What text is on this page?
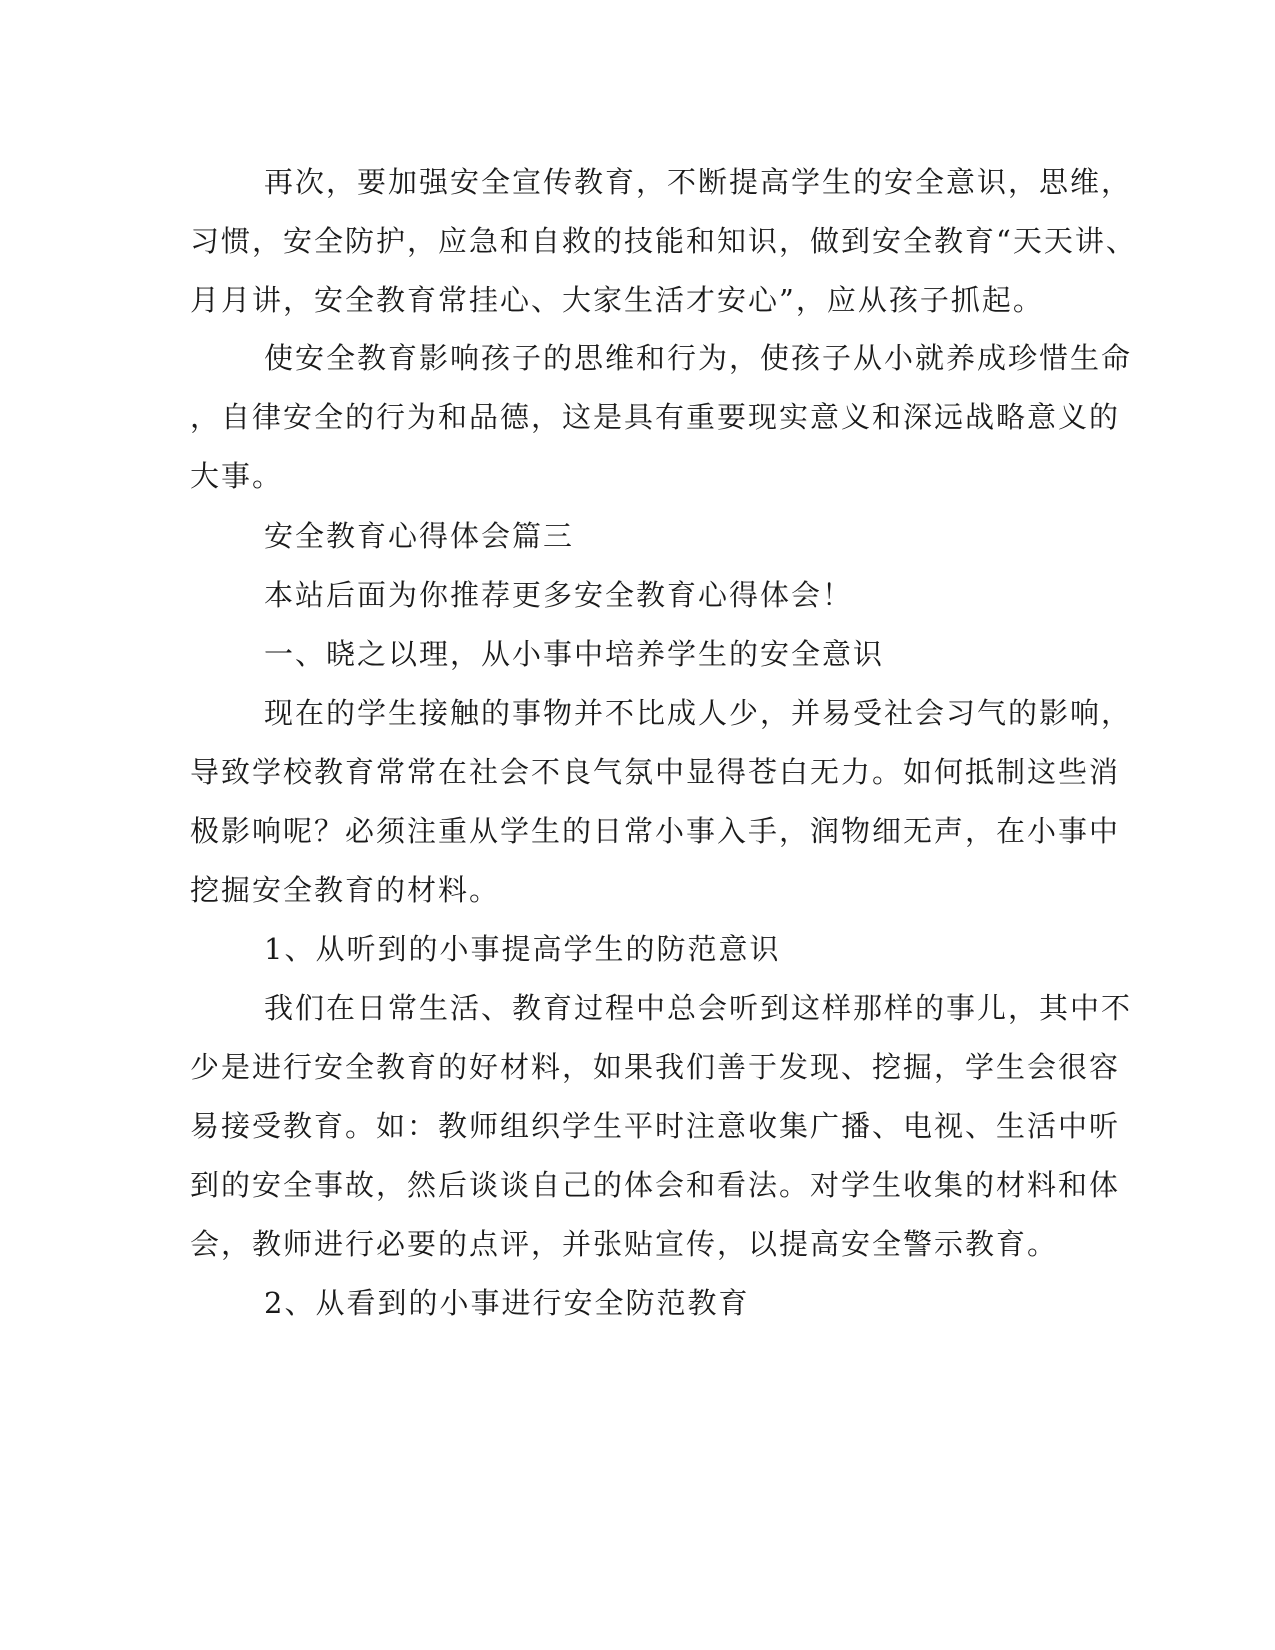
再次，要加强安全宣传教育，不断提高学生的安全意识，思维，
习惯，安全防护，应急和自救的技能和知识，做到安全教育“天天讲、
月月讲，安全教育常挂心、大家生活才安心”，应从孩子抓起。
使安全教育影响孩子的思维和行为，使孩子从小就养成珍惜生命
，自律安全的行为和品德，这是具有重要现实意义和深远战略意义的
大事。
安全教育心得体会篇三
本站后面为你推荐更多安全教育心得体会！
一、晓之以理，从小事中培养学生的安全意识
现在的学生接触的事物并不比成人少，并易受社会习气的影响，
导致学校教育常常在社会不良气氛中显得苍白无力。如何抵制这些消
极影响呢？必须注重从学生的日常小事入手，润物细无声，在小事中
挖掘安全教育的材料。
1、从听到的小事提高学生的防范意识
我们在日常生活、教育过程中总会听到这样那样的事儿，其中不
少是进行安全教育的好材料，如果我们善于发现、挖掘，学生会很容
易接受教育。如：教师组织学生平时注意收集广播、电视、生活中听
到的安全事故，然后谈谈自己的体会和看法。对学生收集的材料和体
会，教师进行必要的点评，并张贴宣传，以提高安全警示教育。
2、从看到的小事进行安全防范教育
